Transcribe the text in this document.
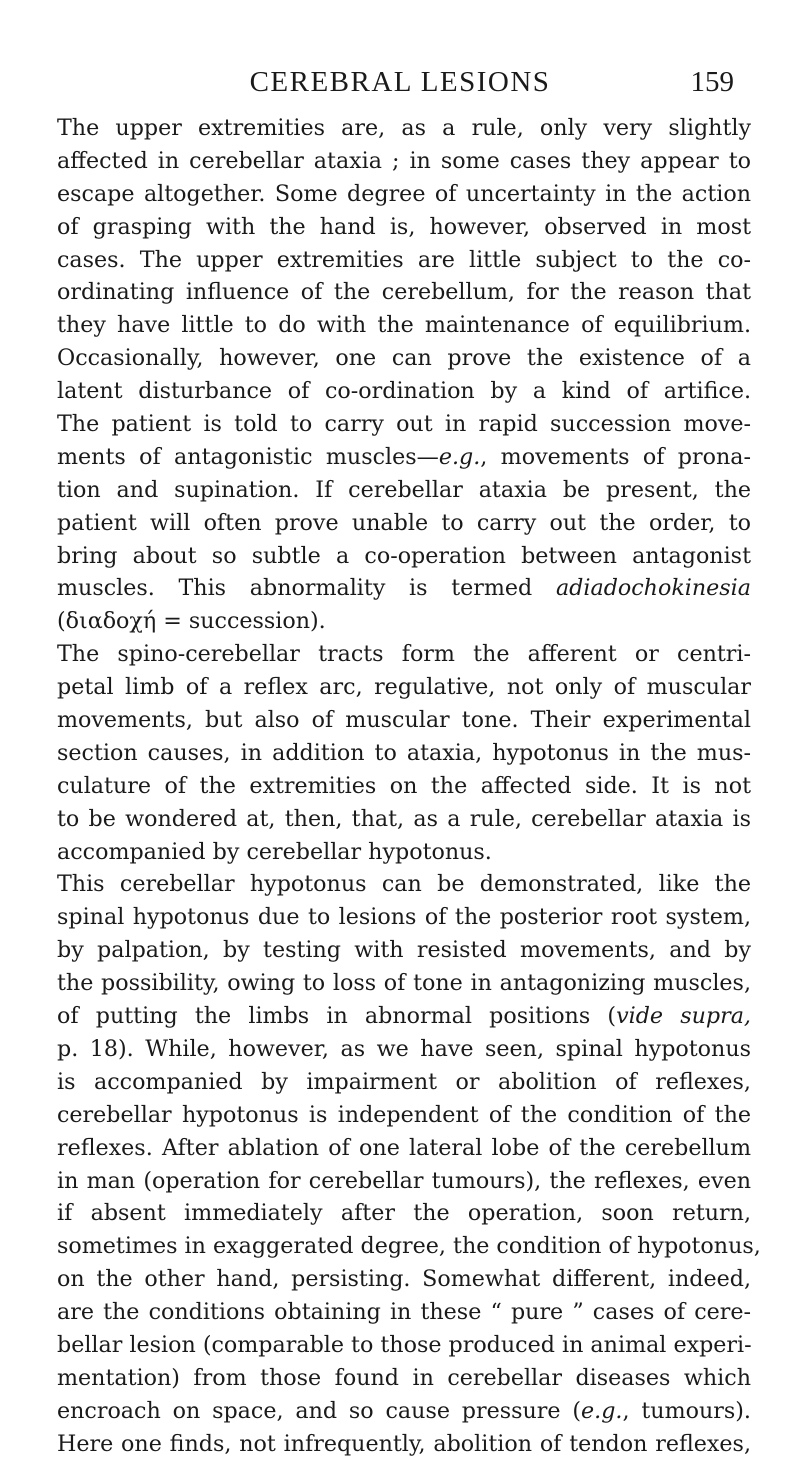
CEREBRAL LESIONS	159
The upper extremities are, as a rule, only very slightly
affected in cerebellar ataxia ; in some cases they appear to
escape altogether. Some degree of uncertainty in the action
of grasping with the hand is, however, observed in most
cases. The upper extremities are little subject to the co-
ordinating influence of the cerebellum, for the reason that
they have little to do with the maintenance of equilibrium.
Occasionally, however, one can prove the existence of a
latent disturbance of co-ordination by a kind of artifice.
The patient is told to carry out in rapid succession move-
ments of antagonistic muscles—e.g., movements of prona-
tion and supination. If cerebellar ataxia be present, the
patient will often prove unable to carry out the order, to
bring about so subtle a co-operation between antagonist
muscles. This abnormality is termed adiadochokinesia
(διαδοχή = succession).
The spino-cerebellar tracts form the afferent or centri-
petal limb of a reflex arc, regulative, not only of muscular
movements, but also of muscular tone. Their experimental
section causes, in addition to ataxia, hypotonus in the mus-
culature of the extremities on the affected side. It is not
to be wondered at, then, that, as a rule, cerebellar ataxia is
accompanied by cerebellar hypotonus.
This cerebellar hypotonus can be demonstrated, like the
spinal hypotonus due to lesions of the posterior root system,
by palpation, by testing with resisted movements, and by
the possibility, owing to loss of tone in antagonizing muscles,
of putting the limbs in abnormal positions (vide supra,
p. 18). While, however, as we have seen, spinal hypotonus
is accompanied by impairment or abolition of reflexes,
cerebellar hypotonus is independent of the condition of the
reflexes. After ablation of one lateral lobe of the cerebellum
in man (operation for cerebellar tumours), the reflexes, even
if absent immediately after the operation, soon return,
sometimes in exaggerated degree, the condition of hypotonus,
on the other hand, persisting. Somewhat different, indeed,
are the conditions obtaining in these “ pure ” cases of cere-
bellar lesion (comparable to those produced in animal experi-
mentation) from those found in cerebellar diseases which
encroach on space, and so cause pressure (e.g., tumours).
Here one finds, not infrequently, abolition of tendon reflexes,
